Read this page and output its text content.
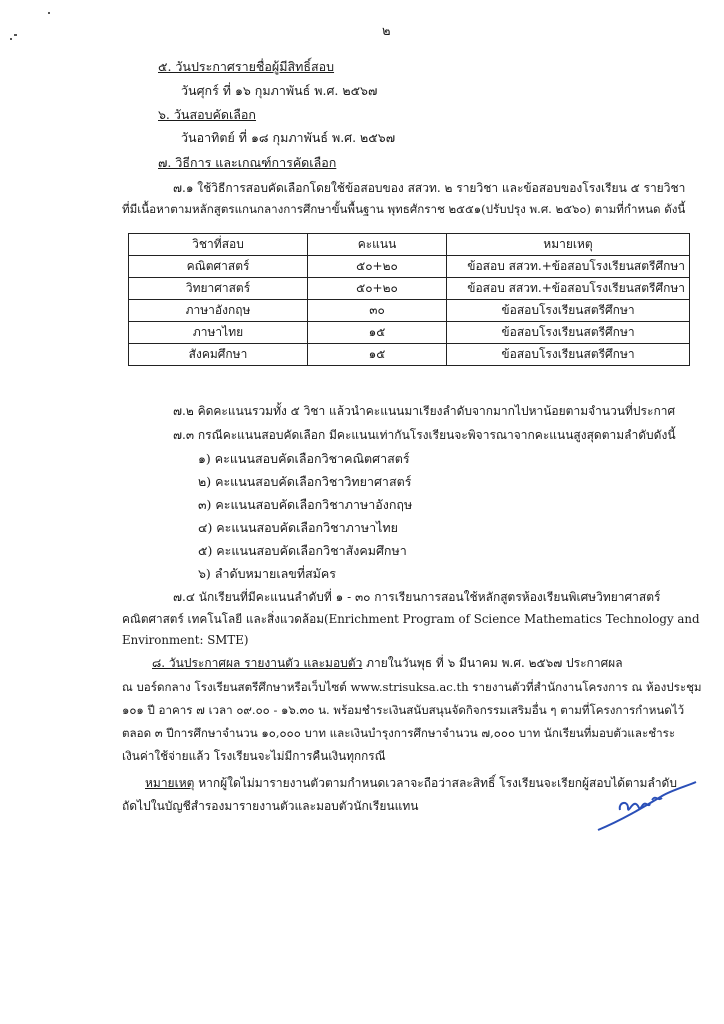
๒
๕. วันประกาศรายชื่อผู้มีสิทธิ์สอบ
วันศุกร์ ที่ ๑๖ กุมภาพันธ์ พ.ศ. ๒๕๖๗
๖. วันสอบคัดเลือก
วันอาทิตย์ ที่ ๑๘ กุมภาพันธ์ พ.ศ. ๒๕๖๗
๗. วิธีการ และเกณฑ์การคัดเลือก
๗.๑ ใช้วิธีการสอบคัดเลือกโดยใช้ข้อสอบของ สสวท. ๒ รายวิชา และข้อสอบของโรงเรียน ๕ รายวิชา
ที่มีเนื้อหาตามหลักสูตรแกนกลางการศึกษาขั้นพื้นฐาน พุทธศักราช ๒๕๕๑(ปรับปรุง พ.ศ. ๒๕๖๐) ตามที่กำหนด ดังนี้
วิชาที่สอบ	คะแนน	หมายเหตุ
คณิตศาสตร์	๕๐+๒๐	ข้อสอบ สสวท.+ข้อสอบโรงเรียนสตรีศึกษา
วิทยาศาสตร์	๕๐+๒๐	ข้อสอบ สสวท.+ข้อสอบโรงเรียนสตรีศึกษา
ภาษาอังกฤษ	๓๐	ข้อสอบโรงเรียนสตรีศึกษา
ภาษาไทย	๑๕	ข้อสอบโรงเรียนสตรีศึกษา
สังคมศึกษา	๑๕	ข้อสอบโรงเรียนสตรีศึกษา
๗.๒ คิดคะแนนรวมทั้ง ๕ วิชา แล้วนำคะแนนมาเรียงลำดับจากมากไปหาน้อยตามจำนวนที่ประกาศ
๗.๓ กรณีคะแนนสอบคัดเลือก มีคะแนนเท่ากันโรงเรียนจะพิจารณาจากคะแนนสูงสุดตามลำดับดังนี้
๑) คะแนนสอบคัดเลือกวิชาคณิตศาสตร์
๒) คะแนนสอบคัดเลือกวิชาวิทยาศาสตร์
๓) คะแนนสอบคัดเลือกวิชาภาษาอังกฤษ
๔) คะแนนสอบคัดเลือกวิชาภาษาไทย
๕) คะแนนสอบคัดเลือกวิชาสังคมศึกษา
๖) ลำดับหมายเลขที่สมัคร
๗.๔ นักเรียนที่มีคะแนนลำดับที่ ๑ - ๓๐ การเรียนการสอนใช้หลักสูตรห้องเรียนพิเศษวิทยาศาสตร์
คณิตศาสตร์ เทคโนโลยี และสิ่งแวดล้อม(Enrichment Program of Science Mathematics Technology and
Environment: SMTE)
๘. วันประกาศผล รายงานตัว และมอบตัว ภายในวันพุธ ที่ ๖ มีนาคม พ.ศ. ๒๕๖๗ ประกาศผล
ณ บอร์ดกลาง โรงเรียนสตรีศึกษาหรือเว็บไซต์ www.strisuksa.ac.th รายงานตัวที่สำนักงานโครงการ ณ ห้องประชุม
๑๐๑ ปี อาคาร ๗ เวลา ๐๙.๐๐ - ๑๖.๓๐ น. พร้อมชำระเงินสนับสนุนจัดกิจกรรมเสริมอื่น ๆ ตามที่โครงการกำหนดไว้
ตลอด ๓ ปีการศึกษาจำนวน ๑๐,๐๐๐ บาท และเงินบำรุงการศึกษาจำนวน ๗,๐๐๐ บาท นักเรียนที่มอบตัวและชำระ
เงินค่าใช้จ่ายแล้ว โรงเรียนจะไม่มีการคืนเงินทุกกรณี
หมายเหตุ หากผู้ใดไม่มารายงานตัวตามกำหนดเวลาจะถือว่าสละสิทธิ์ โรงเรียนจะเรียกผู้สอบได้ตามลำดับ
ถัดไปในบัญชีสำรองมารายงานตัวและมอบตัวนักเรียนแทน
